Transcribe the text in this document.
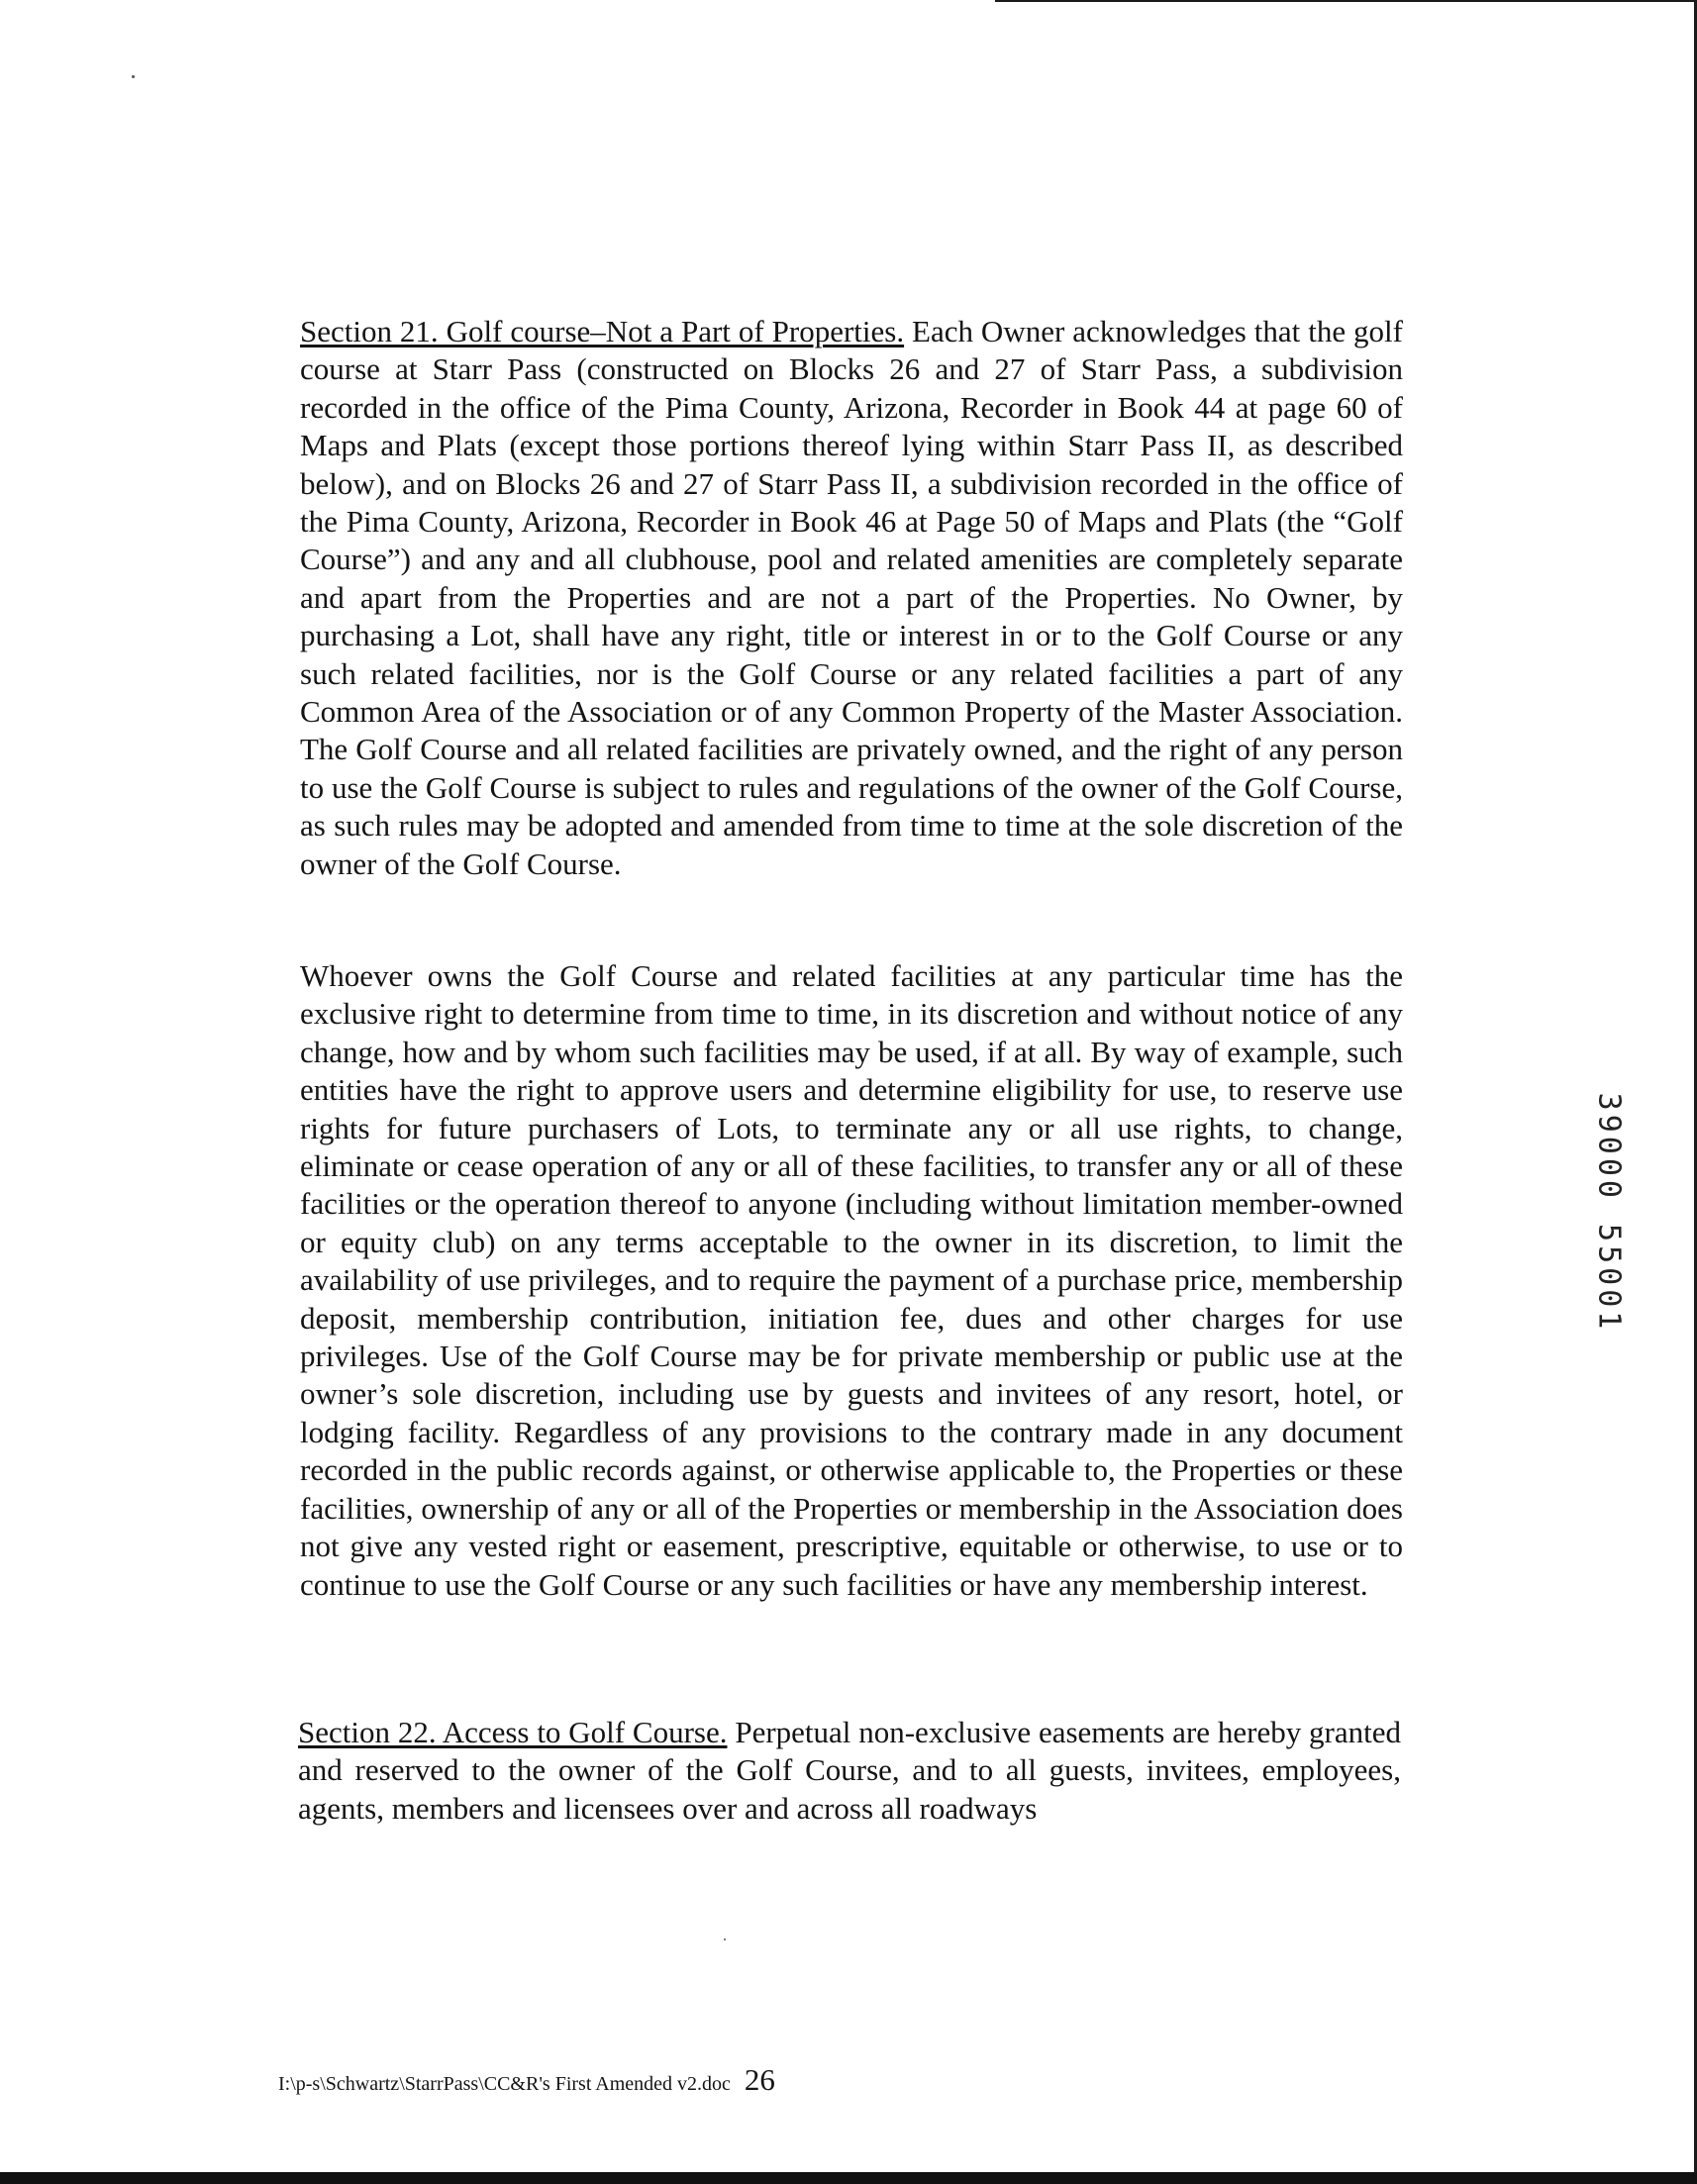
Section 21. Golf course–Not a Part of Properties. Each Owner acknowledges that the golf course at Starr Pass (constructed on Blocks 26 and 27 of Starr Pass, a subdivision recorded in the office of the Pima County, Arizona, Recorder in Book 44 at page 60 of Maps and Plats (except those portions thereof lying within Starr Pass II, as described below), and on Blocks 26 and 27 of Starr Pass II, a subdivision recorded in the office of the Pima County, Arizona, Recorder in Book 46 at Page 50 of Maps and Plats (the “Golf Course”) and any and all clubhouse, pool and related amenities are completely separate and apart from the Properties and are not a part of the Properties. No Owner, by purchasing a Lot, shall have any right, title or interest in or to the Golf Course or any such related facilities, nor is the Golf Course or any related facilities a part of any Common Area of the Association or of any Common Property of the Master Association. The Golf Course and all related facilities are privately owned, and the right of any person to use the Golf Course is subject to rules and regulations of the owner of the Golf Course, as such rules may be adopted and amended from time to time at the sole discretion of the owner of the Golf Course.
Whoever owns the Golf Course and related facilities at any particular time has the exclusive right to determine from time to time, in its discretion and without notice of any change, how and by whom such facilities may be used, if at all. By way of example, such entities have the right to approve users and determine eligibility for use, to reserve use rights for future purchasers of Lots, to terminate any or all use rights, to change, eliminate or cease operation of any or all of these facilities, to transfer any or all of these facilities or the operation thereof to anyone (including without limitation member-owned or equity club) on any terms acceptable to the owner in its discretion, to limit the availability of use privileges, and to require the payment of a purchase price, membership deposit, membership contribution, initiation fee, dues and other charges for use privileges. Use of the Golf Course may be for private membership or public use at the owner’s sole discretion, including use by guests and invitees of any resort, hotel, or lodging facility. Regardless of any provisions to the contrary made in any document recorded in the public records against, or otherwise applicable to, the Properties or these facilities, ownership of any or all of the Properties or membership in the Association does not give any vested right or easement, prescriptive, equitable or otherwise, to use or to continue to use the Golf Course or any such facilities or have any membership interest.
Section 22. Access to Golf Course. Perpetual non-exclusive easements are hereby granted and reserved to the owner of the Golf Course, and to all guests, invitees, employees, agents, members and licensees over and across all roadways
39000 55001
I:\p-s\Schwartz\StarrPass\CC&R's First Amended v2.doc 26
